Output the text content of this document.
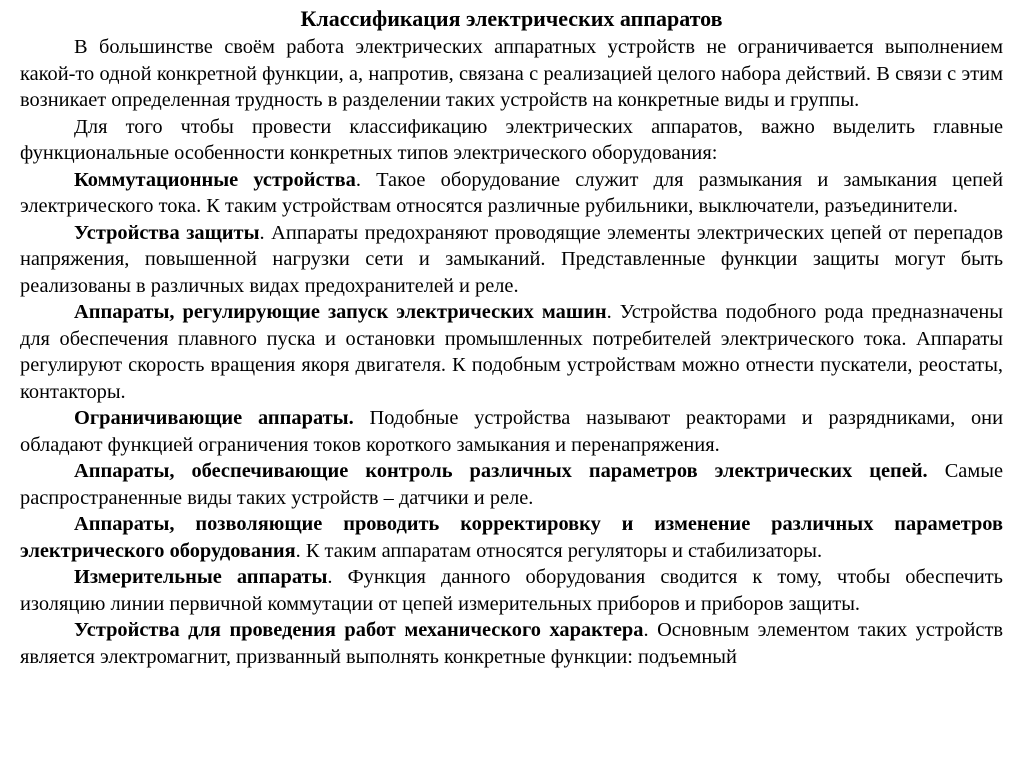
Классификация электрических аппаратов

В большинстве своём работа электрических аппаратных устройств не ограничивается выполнением какой-то одной конкретной функции, а, напротив, связана с реализацией целого набора действий. В связи с этим возникает определенная трудность в разделении таких устройств на конкретные виды и группы.

Для того чтобы провести классификацию электрических аппаратов, важно выделить главные функциональные особенности конкретных типов электрического оборудования:

Коммутационные устройства. Такое оборудование служит для размыкания и замыкания цепей электрического тока. К таким устройствам относятся различные рубильники, выключатели, разъединители.

Устройства защиты. Аппараты предохраняют проводящие элементы электрических цепей от перепадов напряжения, повышенной нагрузки сети и замыканий. Представленные функции защиты могут быть реализованы в различных видах предохранителей и реле.

Аппараты, регулирующие запуск электрических машин. Устройства подобного рода предназначены для обеспечения плавного пуска и остановки промышленных потребителей электрического тока. Аппараты регулируют скорость вращения якоря двигателя. К подобным устройствам можно отнести пускатели, реостаты, контакторы.

Ограничивающие аппараты. Подобные устройства называют реакторами и разрядниками, они обладают функцией ограничения токов короткого замыкания и перенапряжения.

Аппараты, обеспечивающие контроль различных параметров электрических цепей. Самые распространенные виды таких устройств – датчики и реле.

Аппараты, позволяющие проводить корректировку и изменение различных параметров электрического оборудования. К таким аппаратам относятся регуляторы и стабилизаторы.

Измерительные аппараты. Функция данного оборудования сводится к тому, чтобы обеспечить изоляцию линии первичной коммутации от цепей измерительных приборов и приборов защиты.

Устройства для проведения работ механического характера. Основным элементом таких устройств является электромагнит, призванный выполнять конкретные функции: подъемный
